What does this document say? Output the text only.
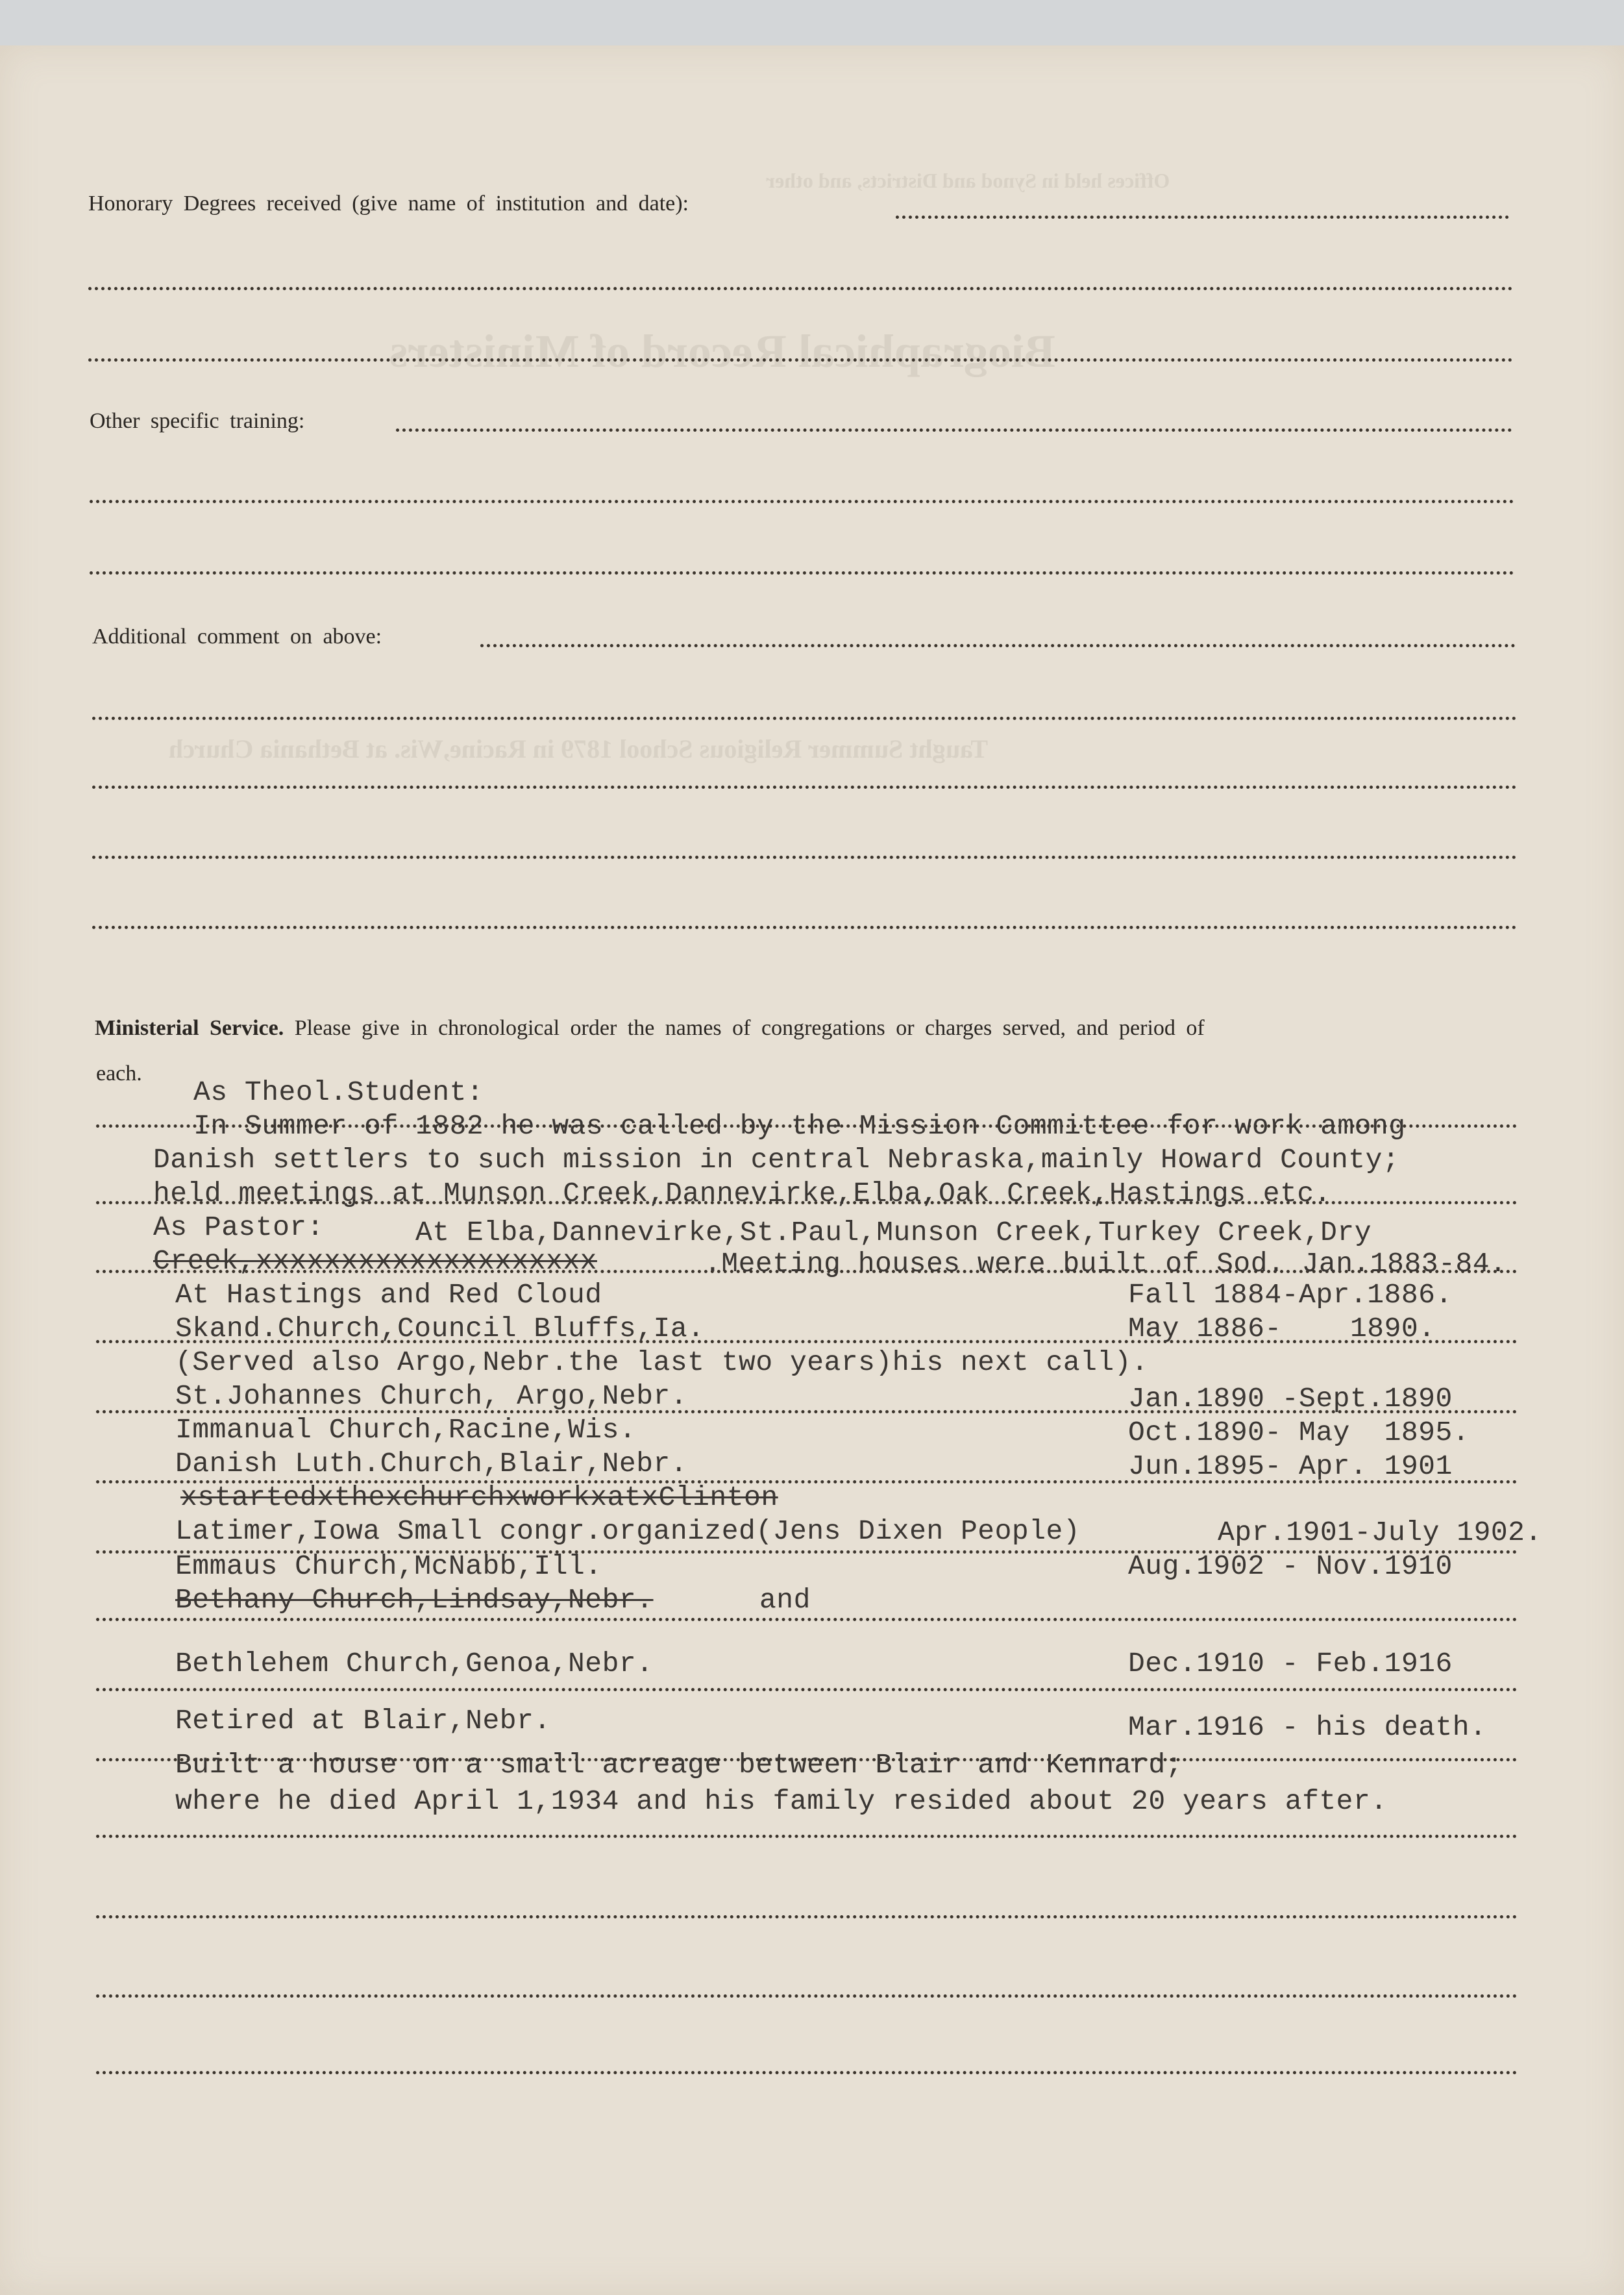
Biographical Record of Ministers
Offices held in Synod and Districts, and other
Taught Summer Religious School 1879 in Racine,Wis. at Bethania Church
Honorary Degrees received (give name of institution and date):
Other specific training:
Additional comment on above:
Ministerial Service. Please give in chronological order the names of congregations or charges served, and period of
each.
As Theol.Student:
In Summer of 1882 he was called by the Mission Committee for work among
Danish settlers to such mission in central Nebraska,mainly Howard County;
held meetings at Munson Creek,Dannevirke,Elba,Oak Creek,Hastings etc.
As Pastor:	At Elba,Dannevirke,St.Paul,Munson Creek,Turkey Creek,Dry
Creek,xxxxxxxxxxxxxxxxxxxx	.Meeting houses were built of Sod. Jan.1883-84.
At Hastings and Red Cloud	Fall 1884-Apr.1886.
Skand.Church,Council Bluffs,Ia.	May 1886-    1890.
(Served also Argo,Nebr.the last two years)his next call).
St.Johannes Church, Argo,Nebr.	Jan.1890 -Sept.1890
Immanual Church,Racine,Wis.	Oct.1890- May  1895.
Danish Luth.Church,Blair,Nebr.	Jun.1895- Apr. 1901
xstartedxthexchurchxworkxatxClinton
Latimer,Iowa Small congr.organized(Jens Dixen People)	Apr.1901-July 1902.
Emmaus Church,McNabb,Ill.	Aug.1902 - Nov.1910
Bethany Church,Lindsay,Nebr.	and
Bethlehem Church,Genoa,Nebr.	Dec.1910 - Feb.1916
Retired at Blair,Nebr.	Mar.1916 - his death.
Built a house on a small acreage between Blair and Kennard;
where he died April 1,1934 and his family resided about 20 years after.
